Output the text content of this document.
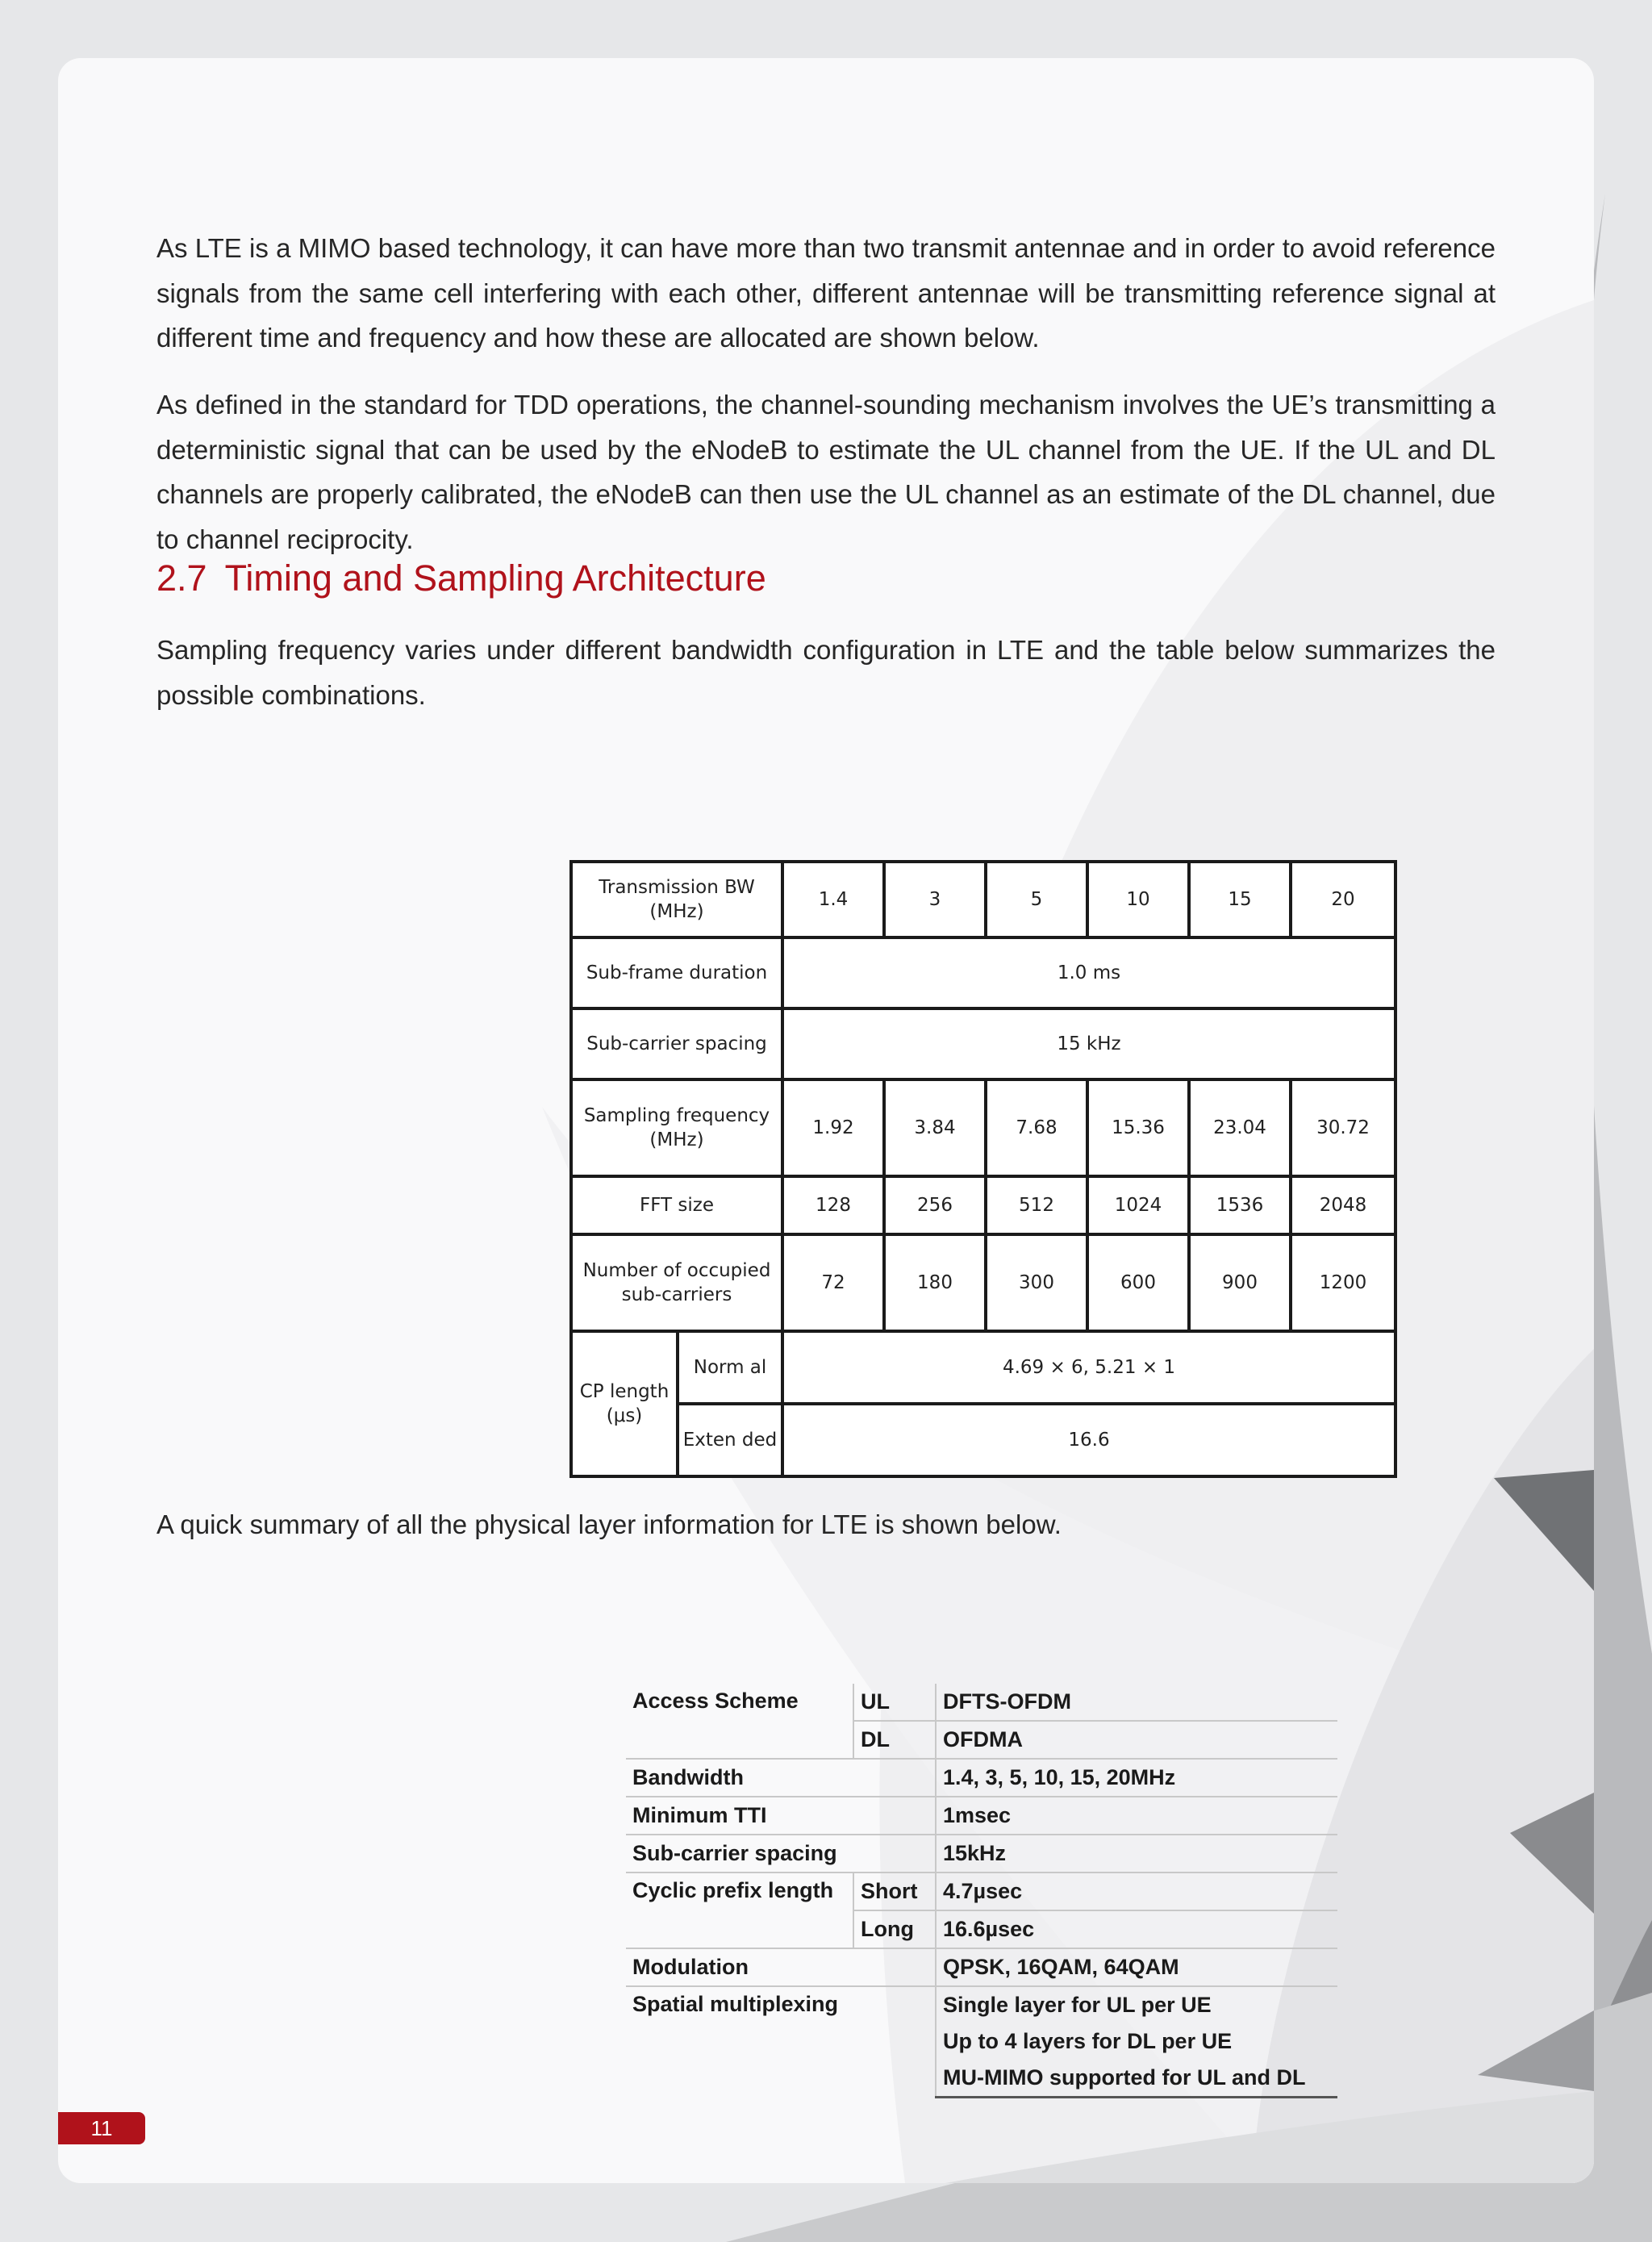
As LTE is a MIMO based technology, it can have more than two transmit antennae and in order to avoid reference signals from the same cell interfering with each other, different antennae will be transmitting reference signal at different time and frequency and how these are allocated are shown below.

As defined in the standard for TDD operations, the channel-sounding mechanism involves the UE’s transmitting a deterministic signal that can be used by the eNodeB to estimate the UL channel from the UE. If the UL and DL channels are properly calibrated, the eNodeB can then use the UL channel as an estimate of the DL channel, due to channel reciprocity.

2.7 Timing and Sampling Architecture

Sampling frequency varies under different bandwidth configuration in LTE and the table below summarizes the possible combinations.

Transmission BW (MHz)		1.4	3	5	10	15	20
Sub-frame duration		1.0 ms					
Sub-carrier spacing		15 kHz					
Sampling frequency (MHz)		1.92	3.84	7.68	15.36	23.04	30.72
FFT size		128	256	512	1024	1536	2048
Number of occupied sub-carriers		72	180	300	600	900	1200
CP length (μs)	Norm al	4.69 × 6, 5.21 × 1					
	Exten ded	16.6					

A quick summary of all the physical layer information for LTE is shown below.

Access Scheme	UL	DFTS-OFDM
	DL	OFDMA
Bandwidth		1.4, 3, 5, 10, 15, 20MHz
Minimum TTI		1msec
Sub-carrier spacing		15kHz
Cyclic prefix length	Short	4.7µsec
	Long	16.6µsec
Modulation		QPSK, 16QAM, 64QAM
Spatial multiplexing		Single layer for UL per UE
		Up to 4 layers for DL per UE
		MU-MIMO supported for UL and DL
11
